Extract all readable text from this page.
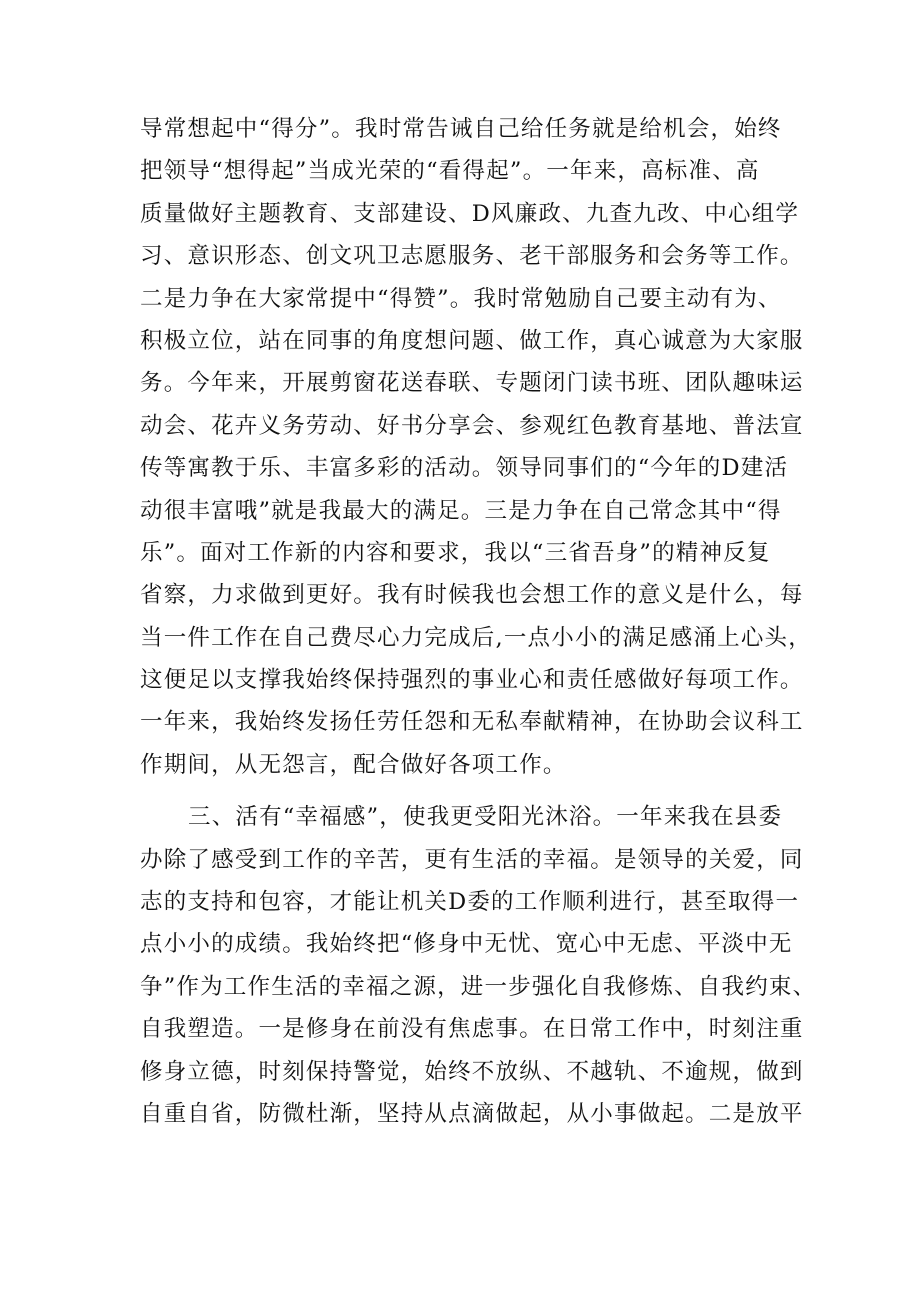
导常想起中“得分”。我时常告诫自己给任务就是给机会，始终
把领导“想得起”当成光荣的“看得起”。一年来，高标准、高
质量做好主题教育、支部建设、D风廉政、九查九改、中心组学
习、意识形态、创文巩卫志愿服务、老干部服务和会务等工作。
二是力争在大家常提中“得赞”。我时常勉励自己要主动有为、
积极立位，站在同事的角度想问题、做工作，真心诚意为大家服
务。今年来，开展剪窗花送春联、专题闭门读书班、团队趣味运
动会、花卉义务劳动、好书分享会、参观红色教育基地、普法宣
传等寓教于乐、丰富多彩的活动。领导同事们的“今年的D建活
动很丰富哦”就是我最大的满足。三是力争在自己常念其中“得
乐”。面对工作新的内容和要求，我以“三省吾身”的精神反复
省察，力求做到更好。我有时候我也会想工作的意义是什么，每
当一件工作在自己费尽心力完成后,一点小小的满足感涌上心头，
这便足以支撑我始终保持强烈的事业心和责任感做好每项工作。
一年来，我始终发扬任劳任怨和无私奉献精神，在协助会议科工
作期间，从无怨言，配合做好各项工作。
三、活有“幸福感”，使我更受阳光沐浴。一年来我在县委
办除了感受到工作的辛苦，更有生活的幸福。是领导的关爱，同
志的支持和包容，才能让机关D委的工作顺利进行，甚至取得一
点小小的成绩。我始终把“修身中无忧、宽心中无虑、平淡中无
争”作为工作生活的幸福之源，进一步强化自我修炼、自我约束、
自我塑造。一是修身在前没有焦虑事。在日常工作中，时刻注重
修身立德，时刻保持警觉，始终不放纵、不越轨、不逾规，做到
自重自省，防微杜渐，坚持从点滴做起，从小事做起。二是放平
